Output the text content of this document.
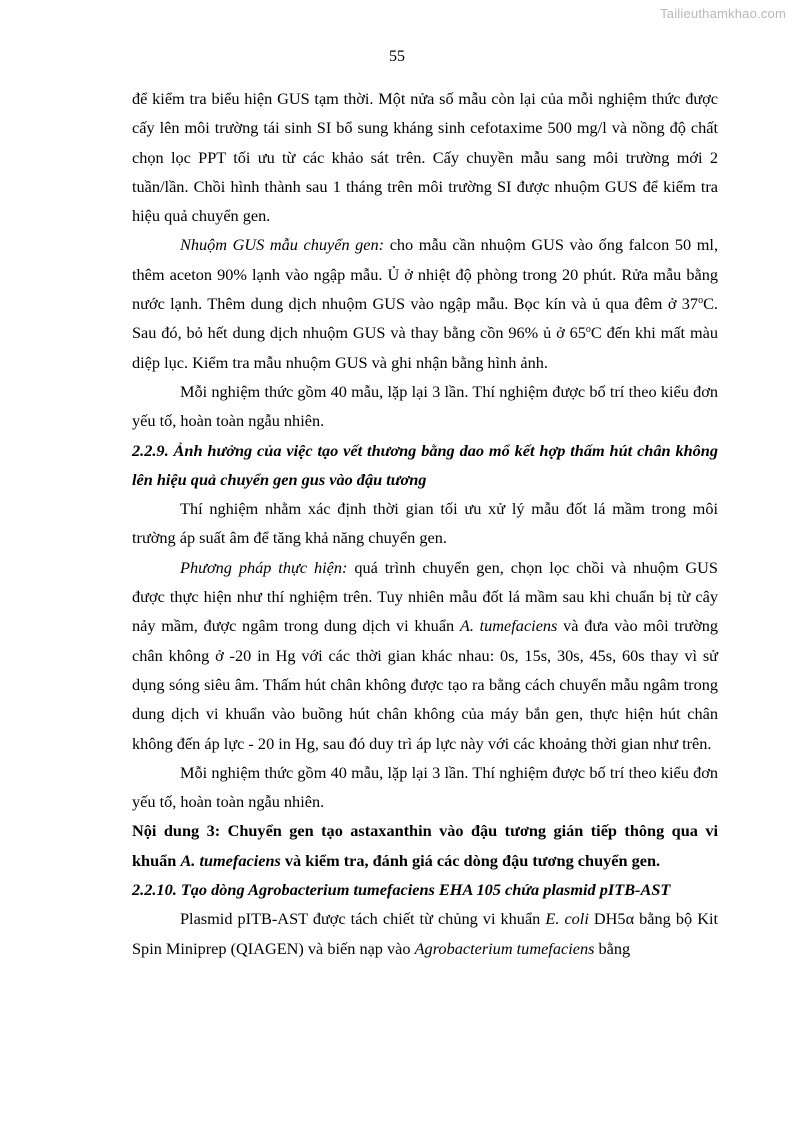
Tailieuthamkhao.com
55

để kiểm tra biểu hiện GUS tạm thời. Một nửa số mẫu còn lại của mỗi nghiệm thức được cấy lên môi trường tái sinh SI bổ sung kháng sinh cefotaxime 500 mg/l và nồng độ chất chọn lọc PPT tối ưu từ các khảo sát trên. Cấy chuyền mẫu sang môi trường mới 2 tuần/lần. Chồi hình thành sau 1 tháng trên môi trường SI được nhuộm GUS để kiểm tra hiệu quả chuyển gen.

Nhuộm GUS mẫu chuyển gen: cho mẫu cần nhuộm GUS vào ống falcon 50 ml, thêm aceton 90% lạnh vào ngập mẫu. Ủ ở nhiệt độ phòng trong 20 phút. Rửa mẫu bằng nước lạnh. Thêm dung dịch nhuộm GUS vào ngập mẫu. Bọc kín và ủ qua đêm ở 37$^o$C. Sau đó, bỏ hết dung dịch nhuộm GUS và thay bằng cồn 96% ủ ở 65$^o$C đến khi mất màu diệp lục. Kiểm tra mẫu nhuộm GUS và ghi nhận bằng hình ảnh.

Mỗi nghiệm thức gồm 40 mẫu, lặp lại 3 lần. Thí nghiệm được bố trí theo kiểu đơn yếu tố, hoàn toàn ngẫu nhiên.

2.2.9. Ảnh hưởng của việc tạo vết thương bằng dao mổ kết hợp thấm hút chân không lên hiệu quả chuyển gen gus vào đậu tương

Thí nghiệm nhằm xác định thời gian tối ưu xử lý mẫu đốt lá mầm trong môi trường áp suất âm để tăng khả năng chuyển gen.

Phương pháp thực hiện: quá trình chuyển gen, chọn lọc chồi và nhuộm GUS được thực hiện như thí nghiệm trên. Tuy nhiên mẫu đốt lá mầm sau khi chuẩn bị từ cây nảy mầm, được ngâm trong dung dịch vi khuẩn A. tumefaciens và đưa vào môi trường chân không ở -20 in Hg với các thời gian khác nhau: 0s, 15s, 30s, 45s, 60s thay vì sử dụng sóng siêu âm. Thấm hút chân không được tạo ra bằng cách chuyển mẫu ngâm trong dung dịch vi khuẩn vào buồng hút chân không của máy bắn gen, thực hiện hút chân không đến áp lực - 20 in Hg, sau đó duy trì áp lực này với các khoảng thời gian như trên.

Mỗi nghiệm thức gồm 40 mẫu, lặp lại 3 lần. Thí nghiệm được bố trí theo kiểu đơn yếu tố, hoàn toàn ngẫu nhiên.

Nội dung 3: Chuyển gen tạo astaxanthin vào đậu tương gián tiếp thông qua vi khuẩn A. tumefaciens và kiểm tra, đánh giá các dòng đậu tương chuyển gen.

2.2.10. Tạo dòng Agrobacterium tumefaciens EHA 105 chứa plasmid pITB-AST

Plasmid pITB-AST được tách chiết từ chủng vi khuẩn E. coli DH5α bằng bộ Kit Spin Miniprep (QIAGEN) và biến nạp vào Agrobacterium tumefaciens bằng
